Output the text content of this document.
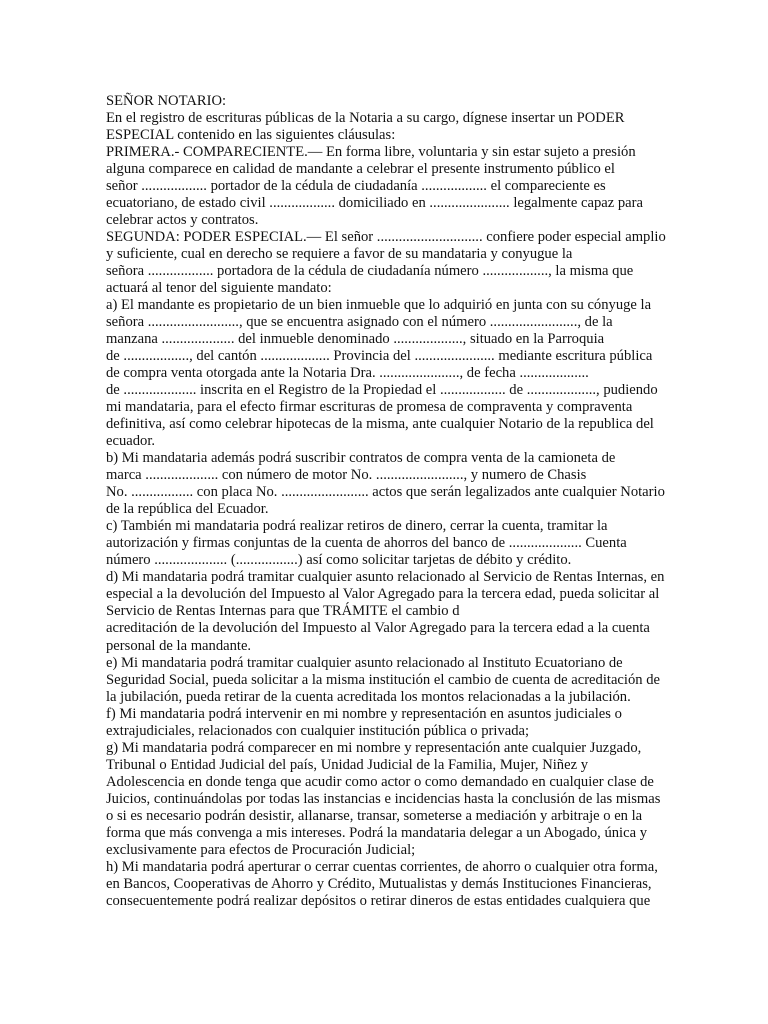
SEÑOR NOTARIO:
En el registro de escrituras públicas de la Notaria a su cargo, dígnese insertar un PODER
ESPECIAL contenido en las siguientes cláusulas:
PRIMERA.- COMPARECIENTE.— En forma libre, voluntaria y sin estar sujeto a presión
alguna comparece en calidad de mandante a celebrar el presente instrumento público el
señor .................. portador de la cédula de ciudadanía .................. el compareciente es
ecuatoriano, de estado civil .................. domiciliado en ...................... legalmente capaz para
celebrar actos y contratos.
SEGUNDA: PODER ESPECIAL.— El señor ............................. confiere poder especial amplio
y suficiente, cual en derecho se requiere a favor de su mandataria y conyugue la
señora .................. portadora de la cédula de ciudadanía número .................., la misma que
actuará al tenor del siguiente mandato:
a) El mandante es propietario de un bien inmueble que lo adquirió en junta con su cónyuge la
señora ........................., que se encuentra asignado con el número ........................, de la
manzana .................... del inmueble denominado ..................., situado en la Parroquia
de .................., del cantón ................... Provincia del ...................... mediante escritura pública
de compra venta otorgada ante la Notaria Dra. ......................, de fecha ...................
de .................... inscrita en el Registro de la Propiedad el .................. de ..................., pudiendo
mi mandataria, para el efecto firmar escrituras de promesa de compraventa y compraventa
definitiva, así como celebrar hipotecas de la misma, ante cualquier Notario de la republica del
ecuador.
b) Mi mandataria además podrá suscribir contratos de compra venta de la camioneta de
marca .................... con número de motor No. ........................, y numero de Chasis
No. ................. con placa No. ........................ actos que serán legalizados ante cualquier Notario
de la república del Ecuador.
c) También mi mandataria podrá realizar retiros de dinero, cerrar la cuenta, tramitar la
autorización y firmas conjuntas de la cuenta de ahorros del banco de .................... Cuenta
número .................... (.................) así como solicitar tarjetas de débito y crédito.
d) Mi mandataria podrá tramitar cualquier asunto relacionado al Servicio de Rentas Internas, en
especial a la devolución del Impuesto al Valor Agregado para la tercera edad, pueda solicitar al
Servicio de Rentas Internas para que TRÁMITE el cambio d
acreditación de la devolución del Impuesto al Valor Agregado para la tercera edad a la cuenta
personal de la mandante.
e) Mi mandataria podrá tramitar cualquier asunto relacionado al Instituto Ecuatoriano de
Seguridad Social, pueda solicitar a la misma institución el cambio de cuenta de acreditación de
la jubilación, pueda retirar de la cuenta acreditada los montos relacionadas a la jubilación.
f) Mi mandataria podrá intervenir en mi nombre y representación en asuntos judiciales o
extrajudiciales, relacionados con cualquier institución pública o privada;
g) Mi mandataria podrá comparecer en mi nombre y representación ante cualquier Juzgado,
Tribunal o Entidad Judicial del país, Unidad Judicial de la Familia, Mujer, Niñez y
Adolescencia en donde tenga que acudir como actor o como demandado en cualquier clase de
Juicios, continuándolas por todas las instancias e incidencias hasta la conclusión de las mismas
o si es necesario podrán desistir, allanarse, transar, someterse a mediación y arbitraje o en la
forma que más convenga a mis intereses. Podrá la mandataria delegar a un Abogado, única y
exclusivamente para efectos de Procuración Judicial;
h) Mi mandataria podrá aperturar o cerrar cuentas corrientes, de ahorro o cualquier otra forma,
en Bancos, Cooperativas de Ahorro y Crédito, Mutualistas y demás Instituciones Financieras,
consecuentemente podrá realizar depósitos o retirar dineros de estas entidades cualquiera que
